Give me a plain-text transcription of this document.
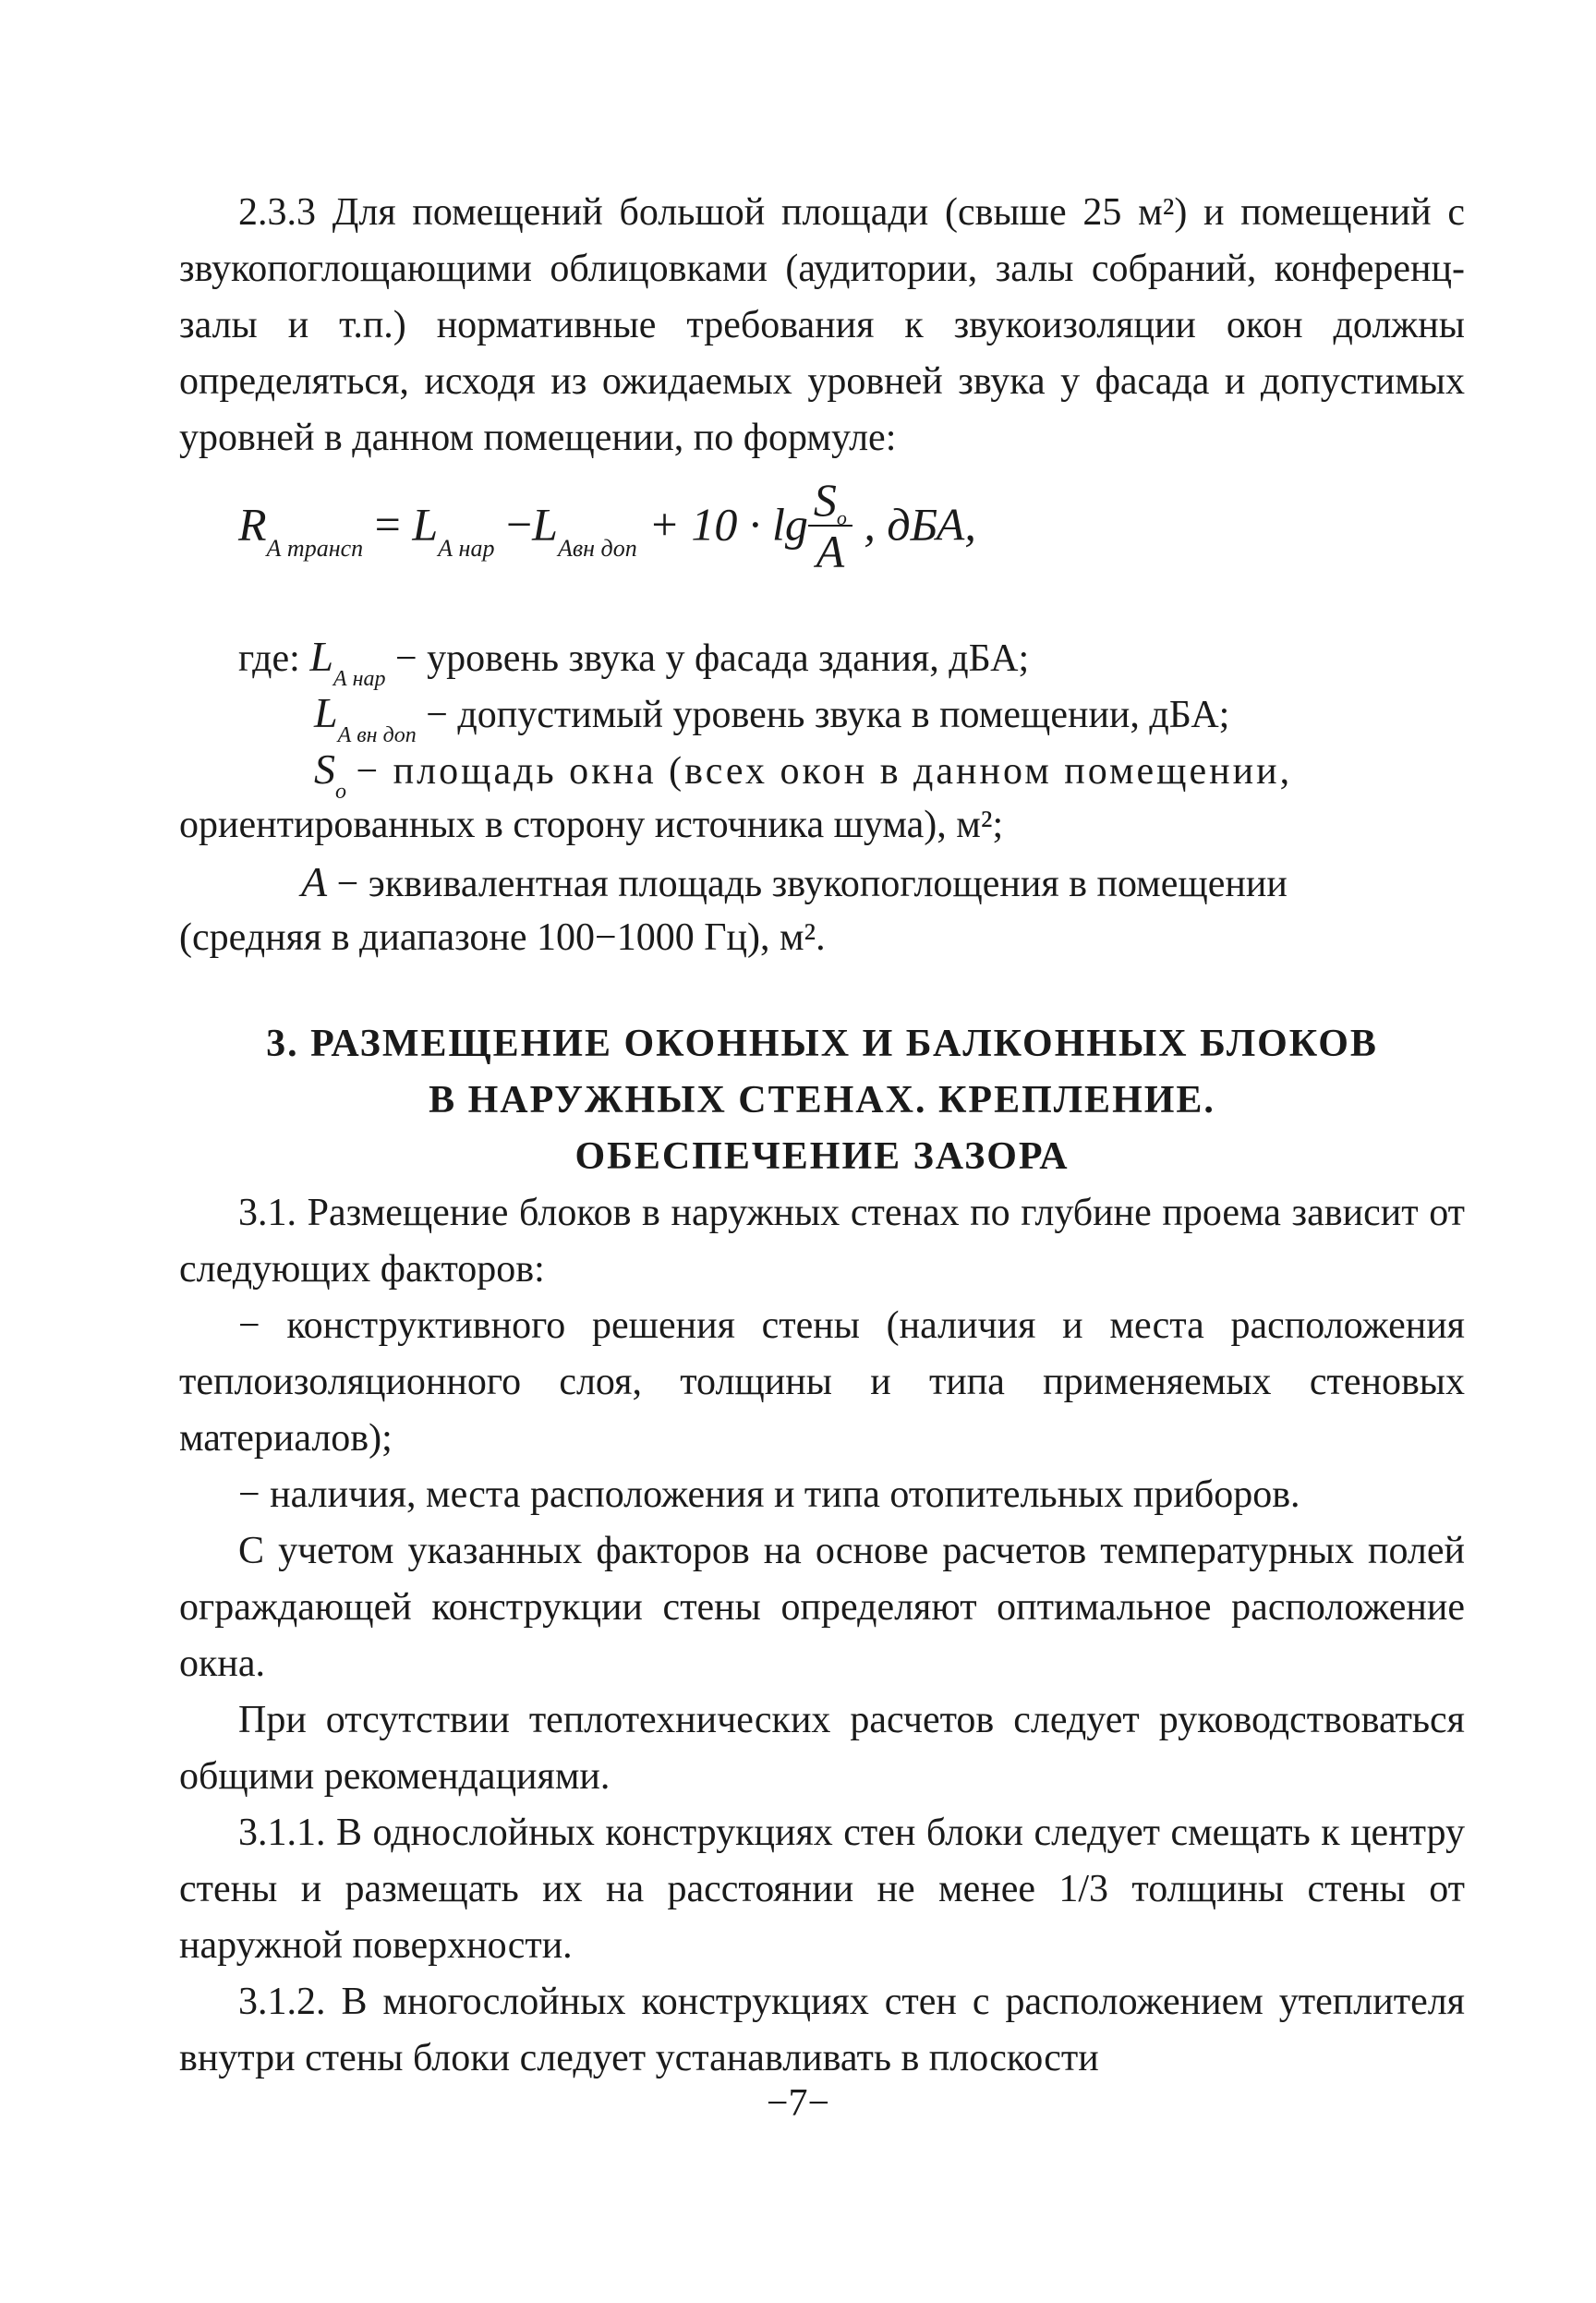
2.3.3 Для помещений большой площади (свыше 25 м²) и помещений с звукопоглощающими облицовками (аудитории, залы собраний, конференц-залы и т.п.) нормативные требования к звукоизоляции окон должны определяться, исходя из ожидаемых уровней звука у фасада и допустимых уровней в данном помещении, по формуле:

$R_{А трансп} = L_{А нар} -L_{Авн доп} + 10 \cdot \lg \frac{S_o}{A}$ , дБА,
где: $L_{А нар}$ − уровень звука у фасада здания, дБА;
$L_{А вн доп}$ − допустимый уровень звука в помещении, дБА;
$S_o$ − площадь окна (всех окон в данном помещении,
ориентированных в сторону источника шума), м²;
A − эквивалентная площадь звукопоглощения в помещении
(средняя в диапазоне 100−1000 Гц), м².

3. РАЗМЕЩЕНИЕ ОКОННЫХ И БАЛКОННЫХ БЛОКОВ

В НАРУЖНЫХ СТЕНАХ. КРЕПЛЕНИЕ.

ОБЕСПЕЧЕНИЕ ЗАЗОРА

3.1. Размещение блоков в наружных стенах по глубине проема зависит от следующих факторов:

− конструктивного решения стены (наличия и места расположения теплоизоляционного слоя, толщины и типа применяемых стеновых материалов);

− наличия, места расположения и типа отопительных приборов.

С учетом указанных факторов на основе расчетов температурных полей ограждающей конструкции стены определяют оптимальное расположение окна.

При отсутствии теплотехнических расчетов следует руководствоваться общими рекомендациями.

3.1.1. В однослойных конструкциях стен блоки следует смещать к центру стены и размещать их на расстоянии не менее 1/3 толщины стены от наружной поверхности.

3.1.2. В многослойных конструкциях стен с расположением утеплителя внутри стены блоки следует устанавливать в плоскости

−7−
